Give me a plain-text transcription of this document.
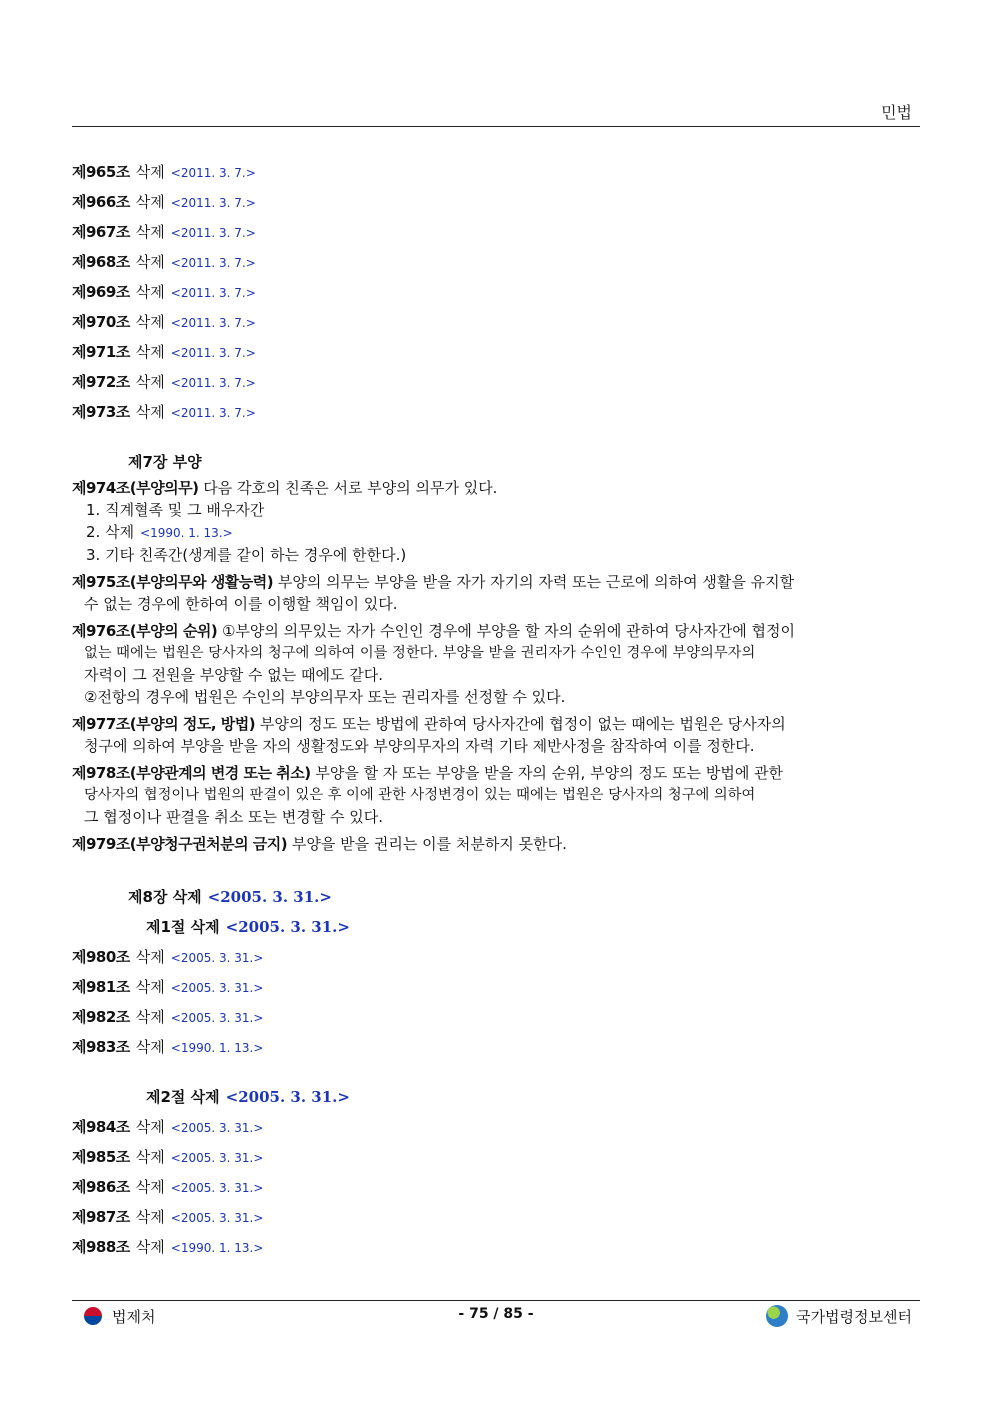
민법
제965조 삭제 <2011. 3. 7.>
제966조 삭제 <2011. 3. 7.>
제967조 삭제 <2011. 3. 7.>
제968조 삭제 <2011. 3. 7.>
제969조 삭제 <2011. 3. 7.>
제970조 삭제 <2011. 3. 7.>
제971조 삭제 <2011. 3. 7.>
제972조 삭제 <2011. 3. 7.>
제973조 삭제 <2011. 3. 7.>
제7장 부양
제974조(부양의무) 다음 각호의 친족은 서로 부양의 의무가 있다.
1. 직계혈족 및 그 배우자간
2. 삭제 <1990. 1. 13.>
3. 기타 친족간(생계를 같이 하는 경우에 한한다.)
제975조(부양의무와 생활능력) 부양의 의무는 부양을 받을 자가 자기의 자력 또는 근로에 의하여 생활을 유지할
수 없는 경우에 한하여 이를 이행할 책임이 있다.
제976조(부양의 순위) ①부양의 의무있는 자가 수인인 경우에 부양을 할 자의 순위에 관하여 당사자간에 협정이
없는 때에는 법원은 당사자의 청구에 의하여 이를 정한다. 부양을 받을 권리자가 수인인 경우에 부양의무자의
자력이 그 전원을 부양할 수 없는 때에도 같다.
②전항의 경우에 법원은 수인의 부양의무자 또는 권리자를 선정할 수 있다.
제977조(부양의 정도, 방법) 부양의 정도 또는 방법에 관하여 당사자간에 협정이 없는 때에는 법원은 당사자의
청구에 의하여 부양을 받을 자의 생활정도와 부양의무자의 자력 기타 제반사정을 참작하여 이를 정한다.
제978조(부양관계의 변경 또는 취소) 부양을 할 자 또는 부양을 받을 자의 순위, 부양의 정도 또는 방법에 관한
당사자의 협정이나 법원의 판결이 있은 후 이에 관한 사정변경이 있는 때에는 법원은 당사자의 청구에 의하여
그 협정이나 판결을 취소 또는 변경할 수 있다.
제979조(부양청구권처분의 금지) 부양을 받을 권리는 이를 처분하지 못한다.
제8장 삭제 <2005. 3. 31.>
제1절 삭제 <2005. 3. 31.>
제980조 삭제 <2005. 3. 31.>
제981조 삭제 <2005. 3. 31.>
제982조 삭제 <2005. 3. 31.>
제983조 삭제 <1990. 1. 13.>
제2절 삭제 <2005. 3. 31.>
제984조 삭제 <2005. 3. 31.>
제985조 삭제 <2005. 3. 31.>
제986조 삭제 <2005. 3. 31.>
제987조 삭제 <2005. 3. 31.>
제988조 삭제 <1990. 1. 13.>
법제처	- 75 / 85 -	국가법령정보센터
